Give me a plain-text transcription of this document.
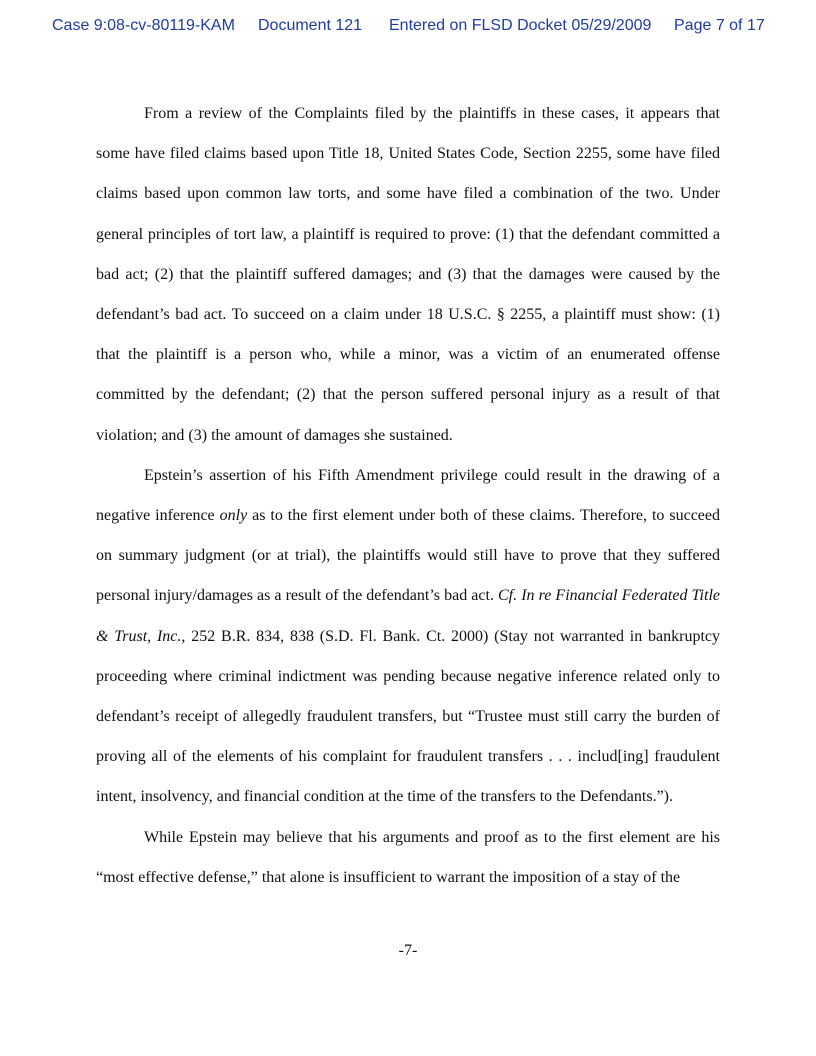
Case 9:08-cv-80119-KAM Document 121 Entered on FLSD Docket 05/29/2009 Page 7 of 17

From a review of the Complaints filed by the plaintiffs in these cases, it appears that some have filed claims based upon Title 18, United States Code, Section 2255, some have filed claims based upon common law torts, and some have filed a combination of the two. Under general principles of tort law, a plaintiff is required to prove: (1) that the defendant committed a bad act; (2) that the plaintiff suffered damages; and (3) that the damages were caused by the defendant’s bad act. To succeed on a claim under 18 U.S.C. § 2255, a plaintiff must show: (1) that the plaintiff is a person who, while a minor, was a victim of an enumerated offense committed by the defendant; (2) that the person suffered personal injury as a result of that violation; and (3) the amount of damages she sustained.

Epstein’s assertion of his Fifth Amendment privilege could result in the drawing of a negative inference only as to the first element under both of these claims. Therefore, to succeed on summary judgment (or at trial), the plaintiffs would still have to prove that they suffered personal injury/damages as a result of the defendant’s bad act. Cf. In re Financial Federated Title & Trust, Inc., 252 B.R. 834, 838 (S.D. Fl. Bank. Ct. 2000) (Stay not warranted in bankruptcy proceeding where criminal indictment was pending because negative inference related only to defendant’s receipt of allegedly fraudulent transfers, but “Trustee must still carry the burden of proving all of the elements of his complaint for fraudulent transfers . . . includ[ing] fraudulent intent, insolvency, and financial condition at the time of the transfers to the Defendants.”).

While Epstein may believe that his arguments and proof as to the first element are his “most effective defense,” that alone is insufficient to warrant the imposition of a stay of the

-7-
